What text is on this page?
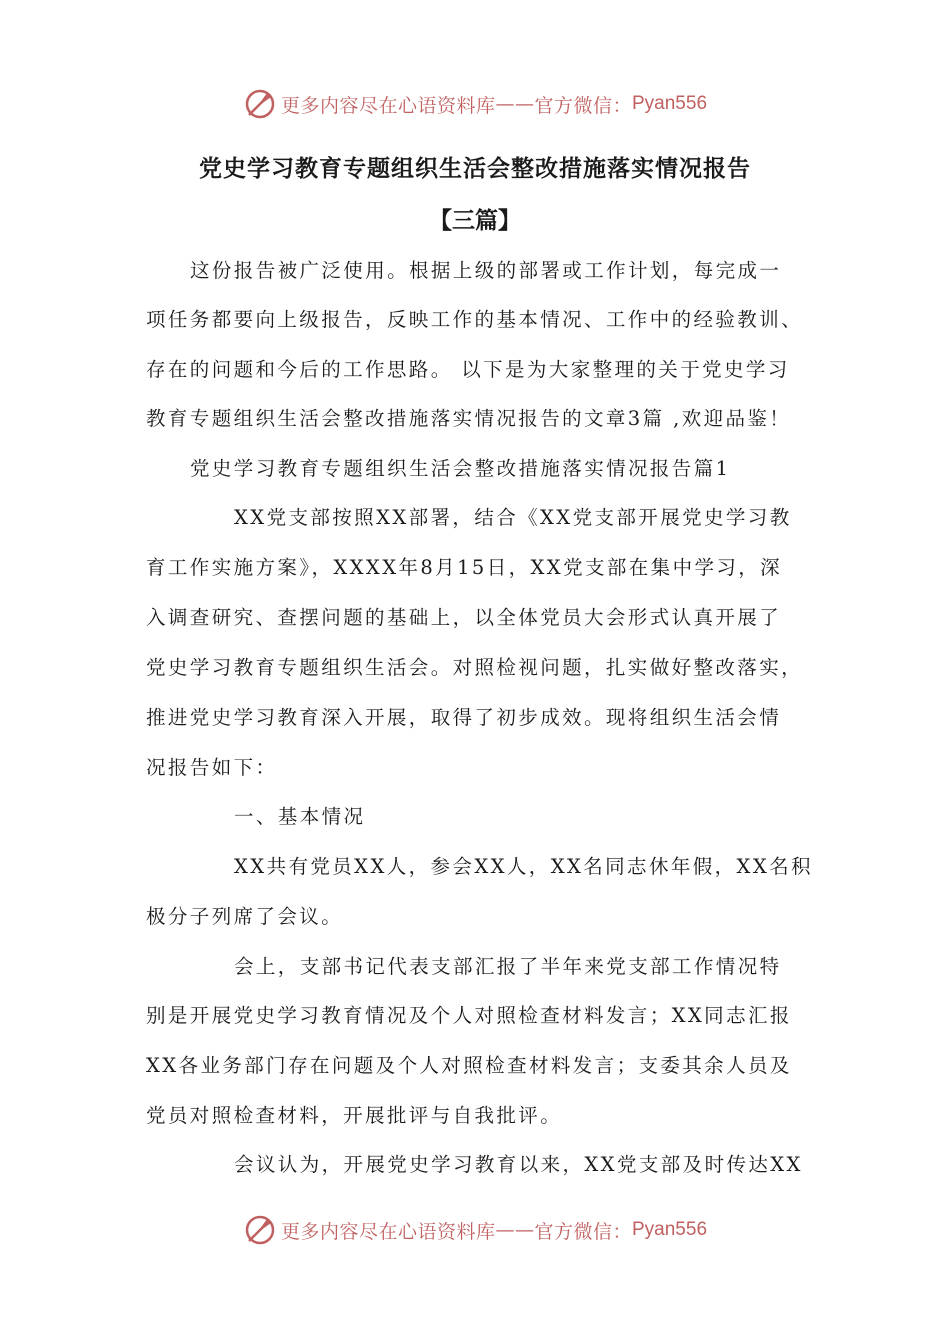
更多内容尽在心语资料库 —— 官方微信： Pyan556
党史学习教育专题组织生活会整改措施落实情况报告
【三篇】
这份报告被广泛使用。根据上级的部署或工作计划，每完成一
项任务都要向上级报告，反映工作的基本情况、工作中的经验教训、
存在的问题和今后的工作思路。 以下是为大家整理的关于党史学习
教育专题组织生活会整改措施落实情况报告的文章3篇 ,欢迎品鉴！
党史学习教育专题组织生活会整改措施落实情况报告篇1
XX党支部按照XX部署，结合《XX党支部开展党史学习教
育工作实施方案》，XXXX年8月15日，XX党支部在集中学习，深
入调查研究、查摆问题的基础上，以全体党员大会形式认真开展了
党史学习教育专题组织生活会。对照检视问题，扎实做好整改落实，
推进党史学习教育深入开展，取得了初步成效。现将组织生活会情
况报告如下：
一、基本情况
XX共有党员XX人，参会XX人，XX名同志休年假，XX名积
极分子列席了会议。
会上，支部书记代表支部汇报了半年来党支部工作情况特
别是开展党史学习教育情况及个人对照检查材料发言；XX同志汇报
XX各业务部门存在问题及个人对照检查材料发言；支委其余人员及
党员对照检查材料，开展批评与自我批评。
会议认为，开展党史学习教育以来，XX党支部及时传达XX
更多内容尽在心语资料库 —— 官方微信： Pyan556
